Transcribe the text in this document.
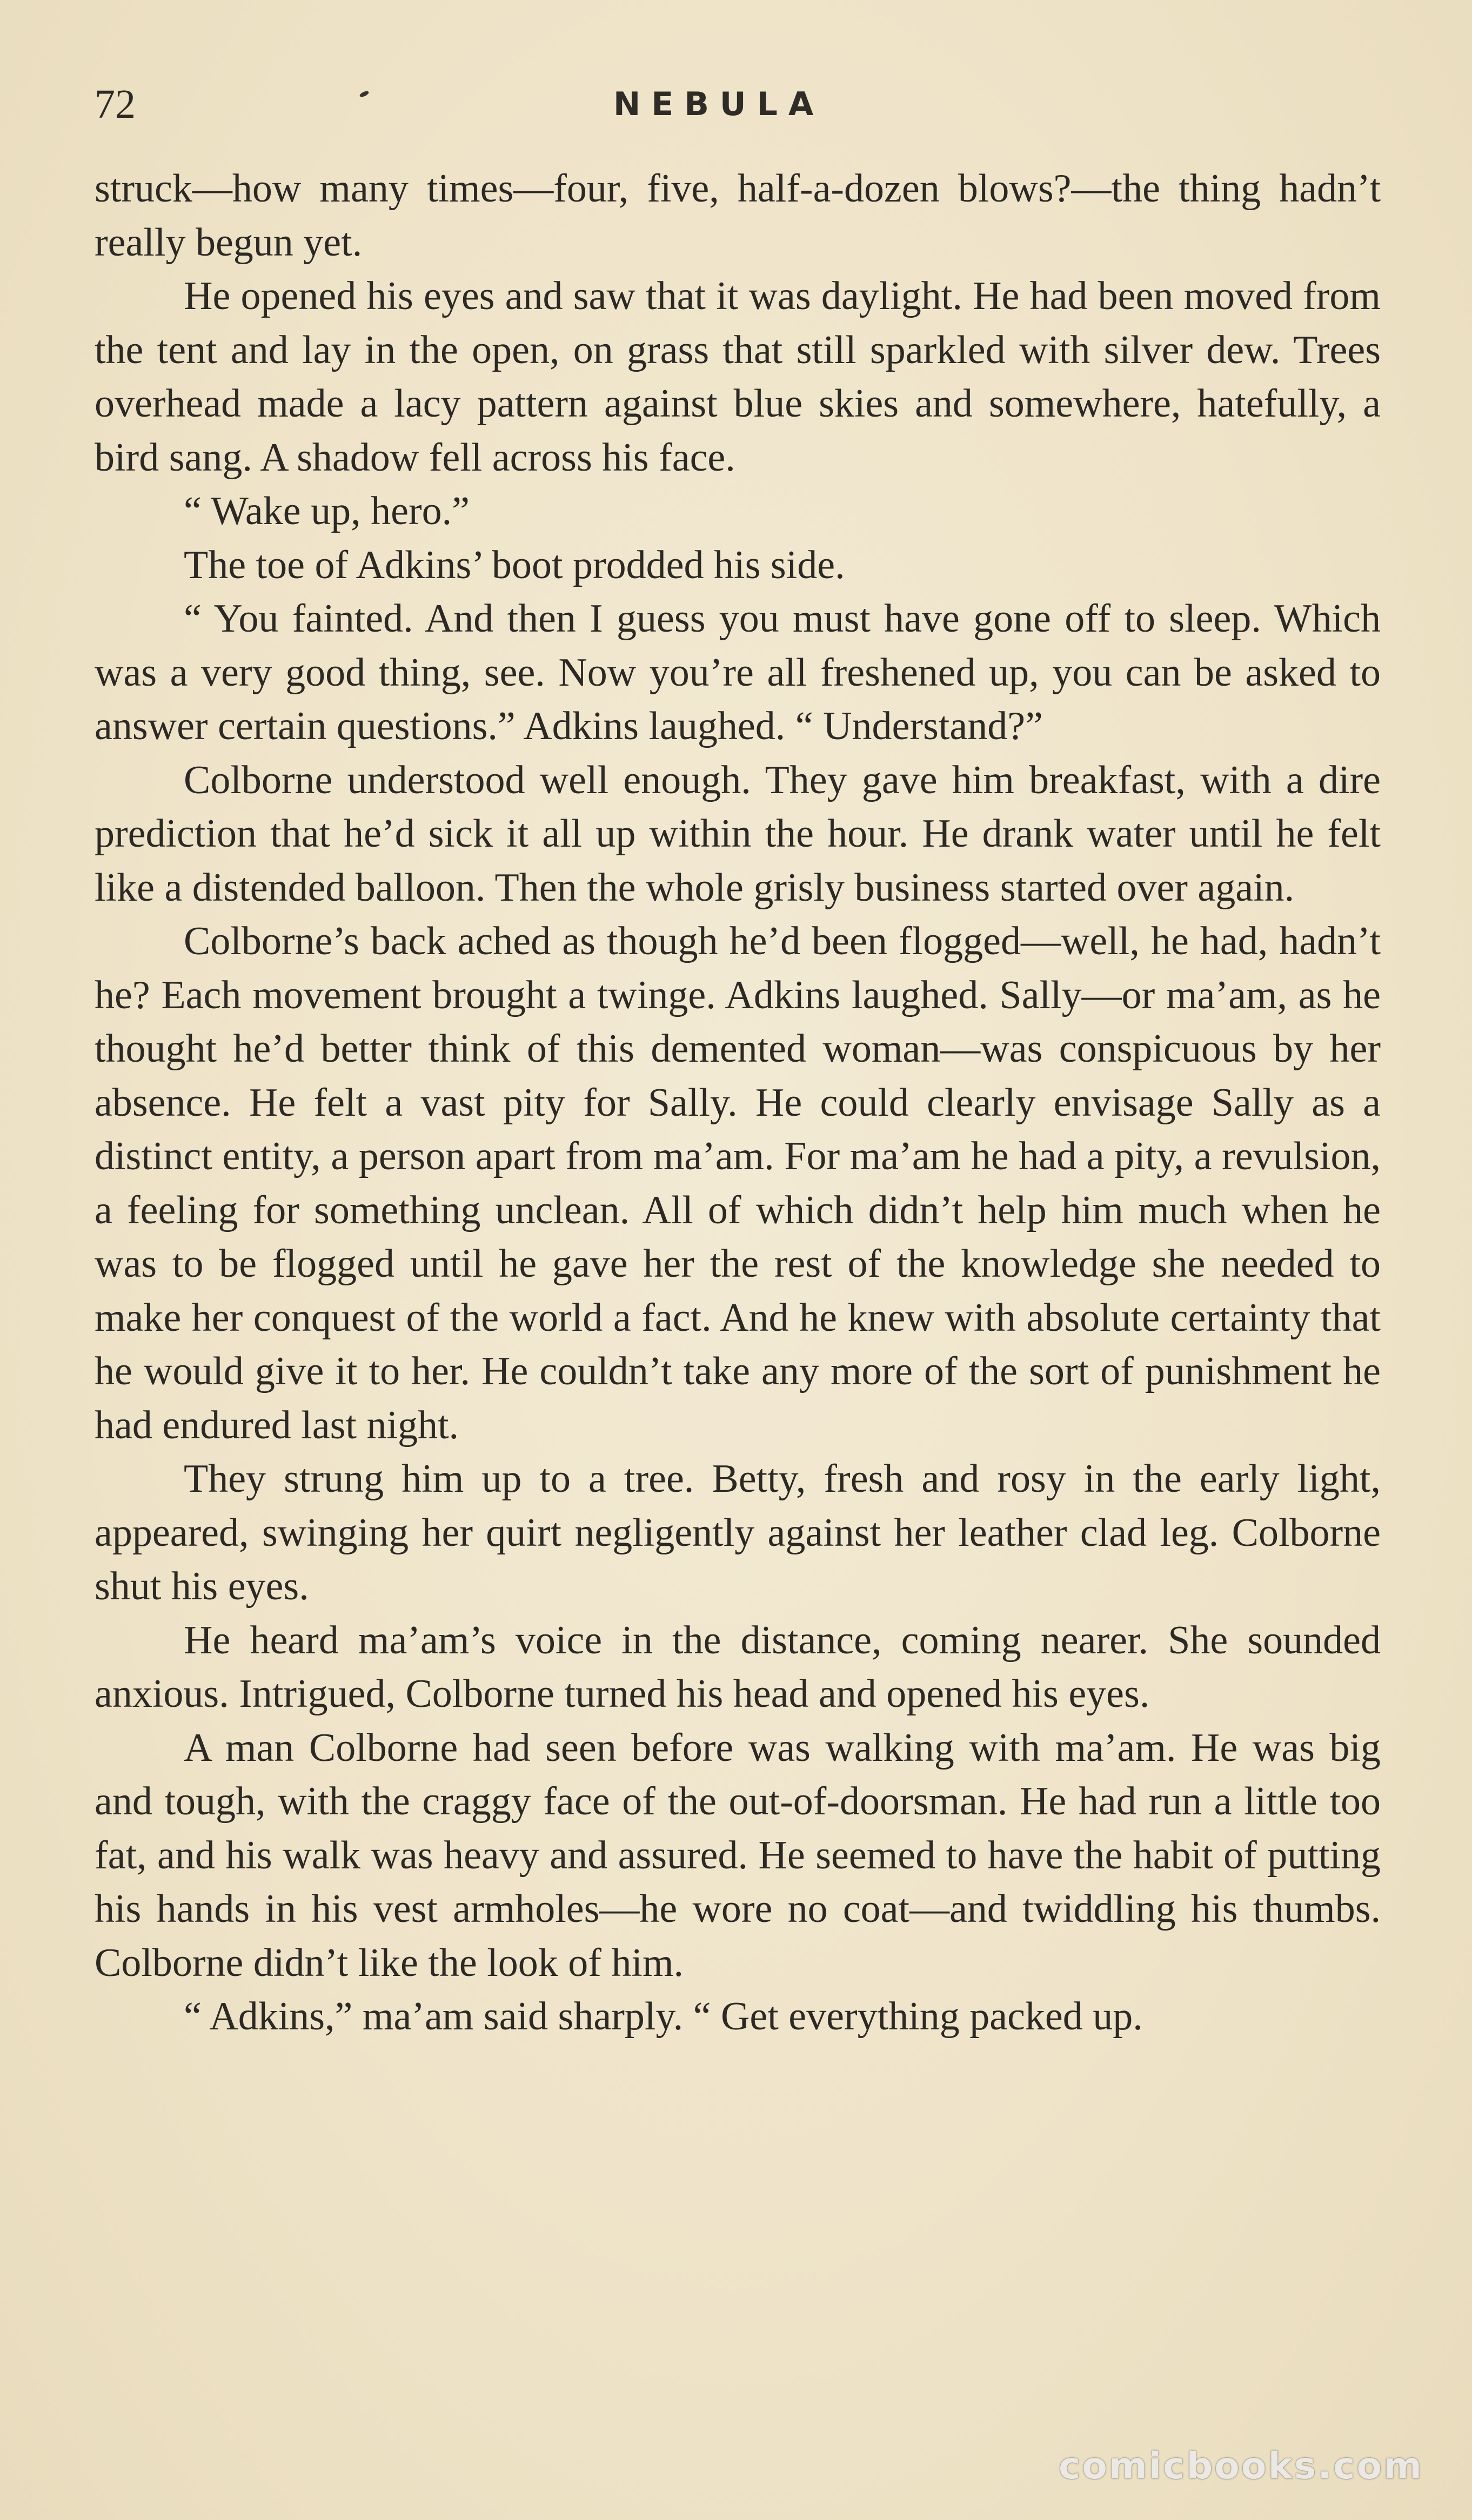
72	NEBULA

struck—how many times—four, five, half-a-dozen blows?—the thing hadn’t really begun yet.

He opened his eyes and saw that it was daylight. He had been moved from the tent and lay in the open, on grass that still sparkled with silver dew. Trees overhead made a lacy pattern against blue skies and somewhere, hatefully, a bird sang. A shadow fell across his face.

“ Wake up, hero.”

The toe of Adkins’ boot prodded his side.

“ You fainted. And then I guess you must have gone off to sleep. Which was a very good thing, see. Now you’re all freshened up, you can be asked to answer certain questions.” Adkins laughed. “ Understand?”

Colborne understood well enough. They gave him breakfast, with a dire prediction that he’d sick it all up within the hour. He drank water until he felt like a distended balloon. Then the whole grisly business started over again.

Colborne’s back ached as though he’d been flogged—well, he had, hadn’t he? Each movement brought a twinge. Adkins laughed. Sally—or ma’am, as he thought he’d better think of this demented woman—was conspicuous by her absence. He felt a vast pity for Sally. He could clearly envisage Sally as a distinct entity, a person apart from ma’am. For ma’am he had a pity, a revulsion, a feeling for something unclean. All of which didn’t help him much when he was to be flogged until he gave her the rest of the knowledge she needed to make her conquest of the world a fact. And he knew with absolute certainty that he would give it to her. He couldn’t take any more of the sort of punishment he had endured last night.

They strung him up to a tree. Betty, fresh and rosy in the early light, appeared, swinging her quirt negligently against her leather clad leg. Colborne shut his eyes.

He heard ma’am’s voice in the distance, coming nearer. She sounded anxious. Intrigued, Colborne turned his head and opened his eyes.

A man Colborne had seen before was walking with ma’am. He was big and tough, with the craggy face of the out-of-doorsman. He had run a little too fat, and his walk was heavy and assured. He seemed to have the habit of putting his hands in his vest armholes—he wore no coat—and twiddling his thumbs. Colborne didn’t like the look of him.

“ Adkins,” ma’am said sharply. “ Get everything packed up.

comicbooks.com
